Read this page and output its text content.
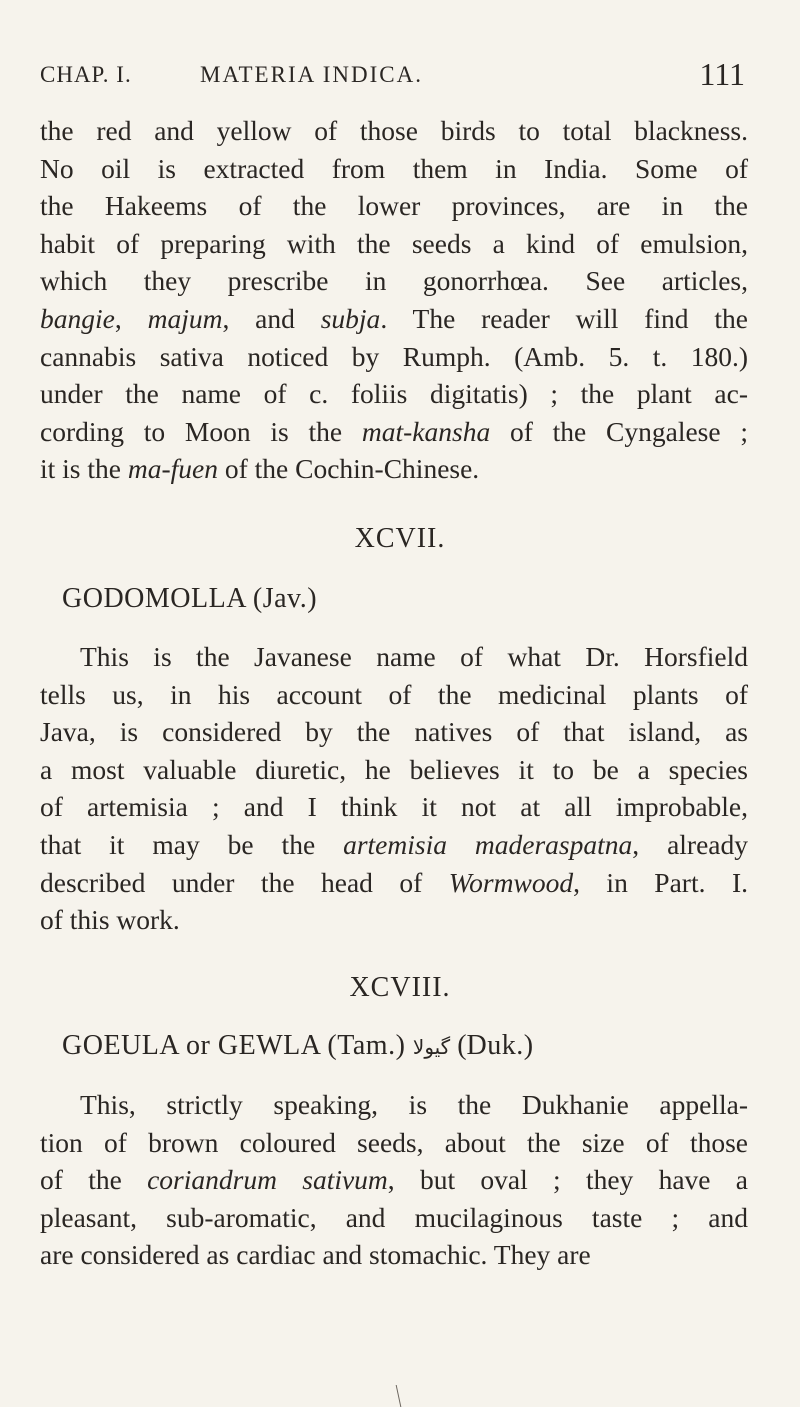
CHAP. I.	MATERIA INDICA.	111
the red and yellow of those birds to total blackness.
No oil is extracted from them in India. Some of
the Hakeems of the lower provinces, are in the
habit of preparing with the seeds a kind of emulsion,
which they prescribe in gonorrhœa. See articles,
bangie, majum, and subja. The reader will find the
cannabis sativa noticed by Rumph. (Amb. 5. t. 180.)
under the name of c. foliis digitatis) ; the plant ac-
cording to Moon is the mat-kansha of the Cyngalese ;
it is the ma-fuen of the Cochin-Chinese.
XCVII.
GODOMOLLA (Jav.)
This is the Javanese name of what Dr. Horsfield
tells us, in his account of the medicinal plants of
Java, is considered by the natives of that island, as
a most valuable diuretic, he believes it to be a species
of artemisia ; and I think it not at all improbable,
that it may be the artemisia maderaspatna, already
described under the head of Wormwood, in Part. I.
of this work.
XCVIII.
GOEULA or GEWLA (Tam.) ﮔﻴﻮﻻ (Duk.)
This, strictly speaking, is the Dukhanie appella-
tion of brown coloured seeds, about the size of those
of the coriandrum sativum, but oval ; they have a
pleasant, sub-aromatic, and mucilaginous taste ; and
are considered as cardiac and stomachic. They are
